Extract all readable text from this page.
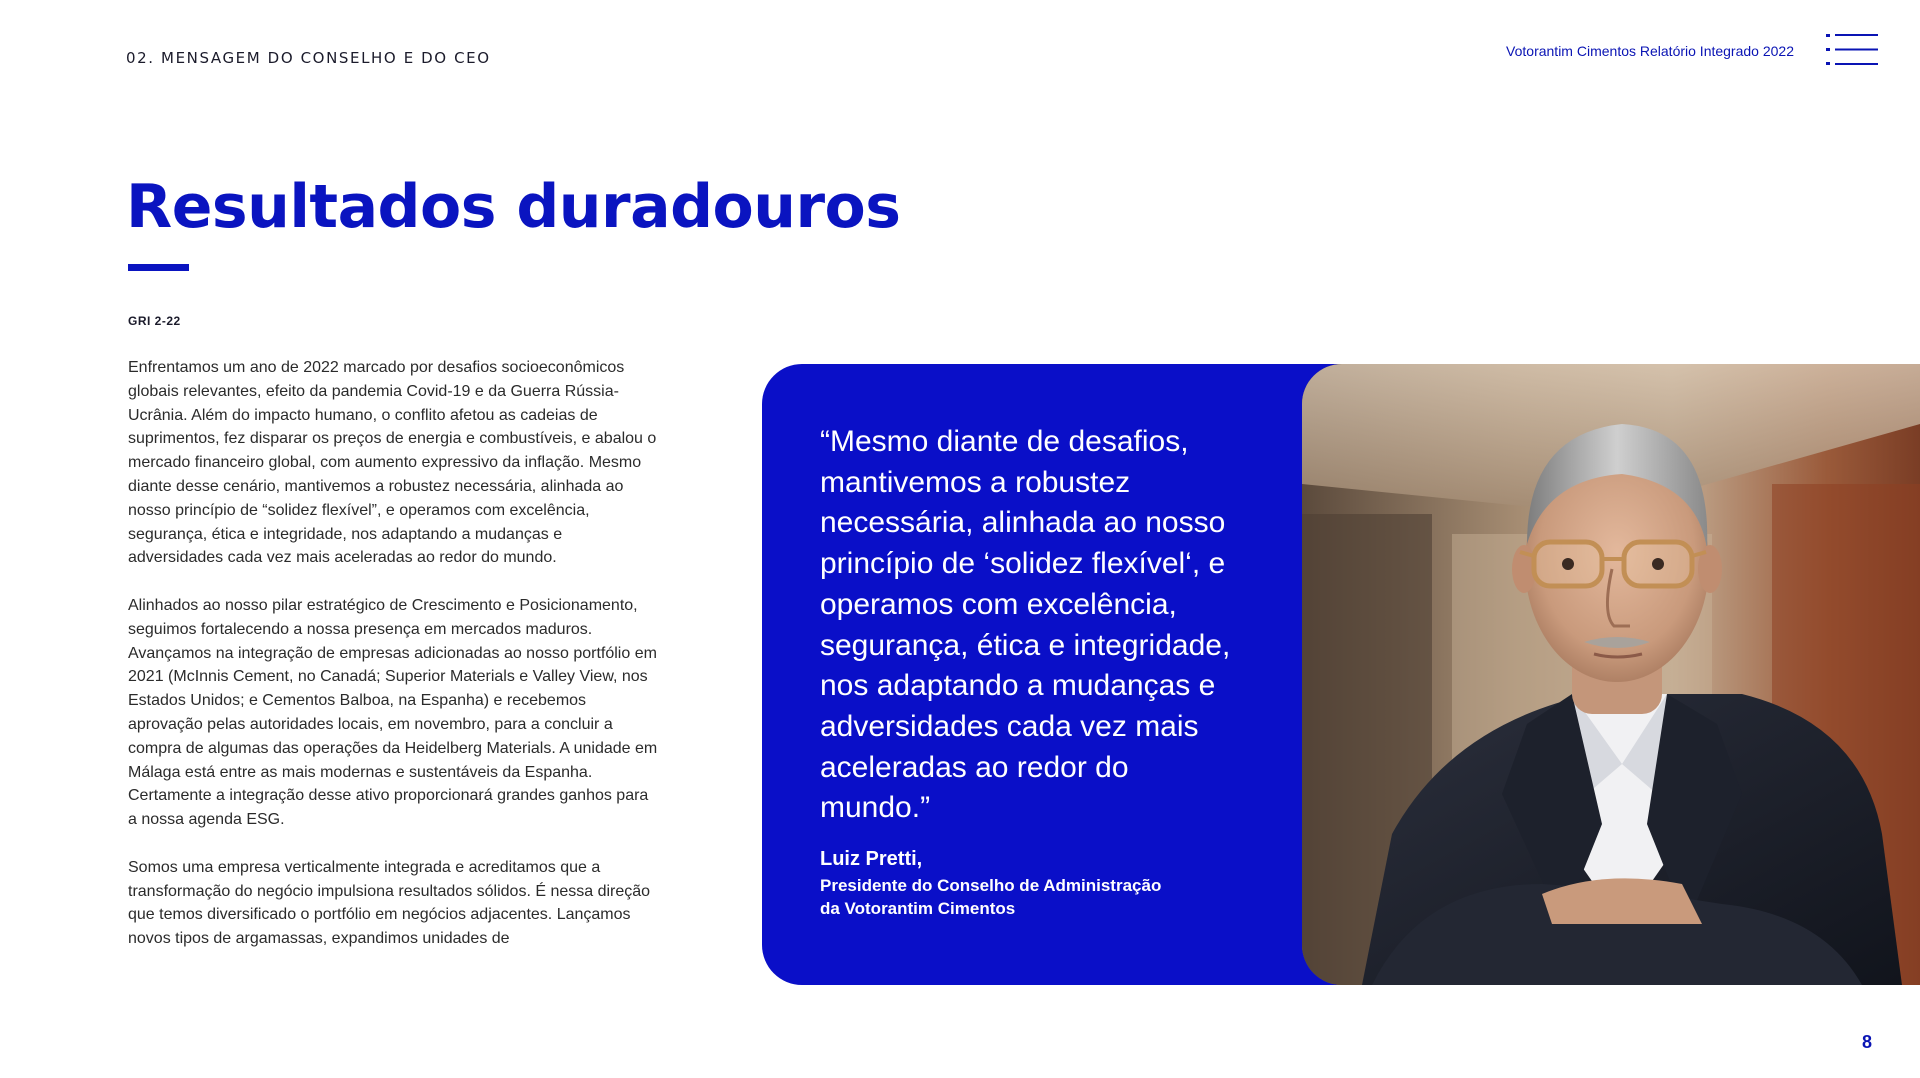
02. MENSAGEM DO CONSELHO E DO CEO	Votorantim Cimentos Relatório Integrado 2022
Resultados duradouros
GRI 2-22

Enfrentamos um ano de 2022 marcado por desafios socioeconômicos globais relevantes, efeito da pandemia Covid-19 e da Guerra Rússia-Ucrânia. Além do impacto humano, o conflito afetou as cadeias de suprimentos, fez disparar os preços de energia e combustíveis, e abalou o mercado financeiro global, com aumento expressivo da inflação. Mesmo diante desse cenário, mantivemos a robustez necessária, alinhada ao nosso princípio de “solidez flexível”, e operamos com excelência, segurança, ética e integridade, nos adaptando a mudanças e adversidades cada vez mais aceleradas ao redor do mundo.

Alinhados ao nosso pilar estratégico de Crescimento e Posicionamento, seguimos fortalecendo a nossa presença em mercados maduros. Avançamos na integração de empresas adicionadas ao nosso portfólio em 2021 (McInnis Cement, no Canadá; Superior Materials e Valley View, nos Estados Unidos; e Cementos Balboa, na Espanha) e recebemos aprovação pelas autoridades locais, em novembro, para a concluir a compra de algumas das operações da Heidelberg Materials. A unidade em Málaga está entre as mais modernas e sustentáveis da Espanha. Certamente a integração desse ativo proporcionará grandes ganhos para a nossa agenda ESG.

Somos uma empresa verticalmente integrada e acreditamos que a transformação do negócio impulsiona resultados sólidos. É nessa direção que temos diversificado o portfólio em negócios adjacentes. Lançamos novos tipos de argamassas, expandimos unidades de

“Mesmo diante de desafios, mantivemos a robustez necessária, alinhada ao nosso princípio de ‘solidez flexível‘, e operamos com excelência, segurança, ética e integridade, nos adaptando a mudanças e adversidades cada vez mais aceleradas ao redor do mundo.”

Luiz Pretti,
Presidente do Conselho de Administração
da Votorantim Cimentos
8
